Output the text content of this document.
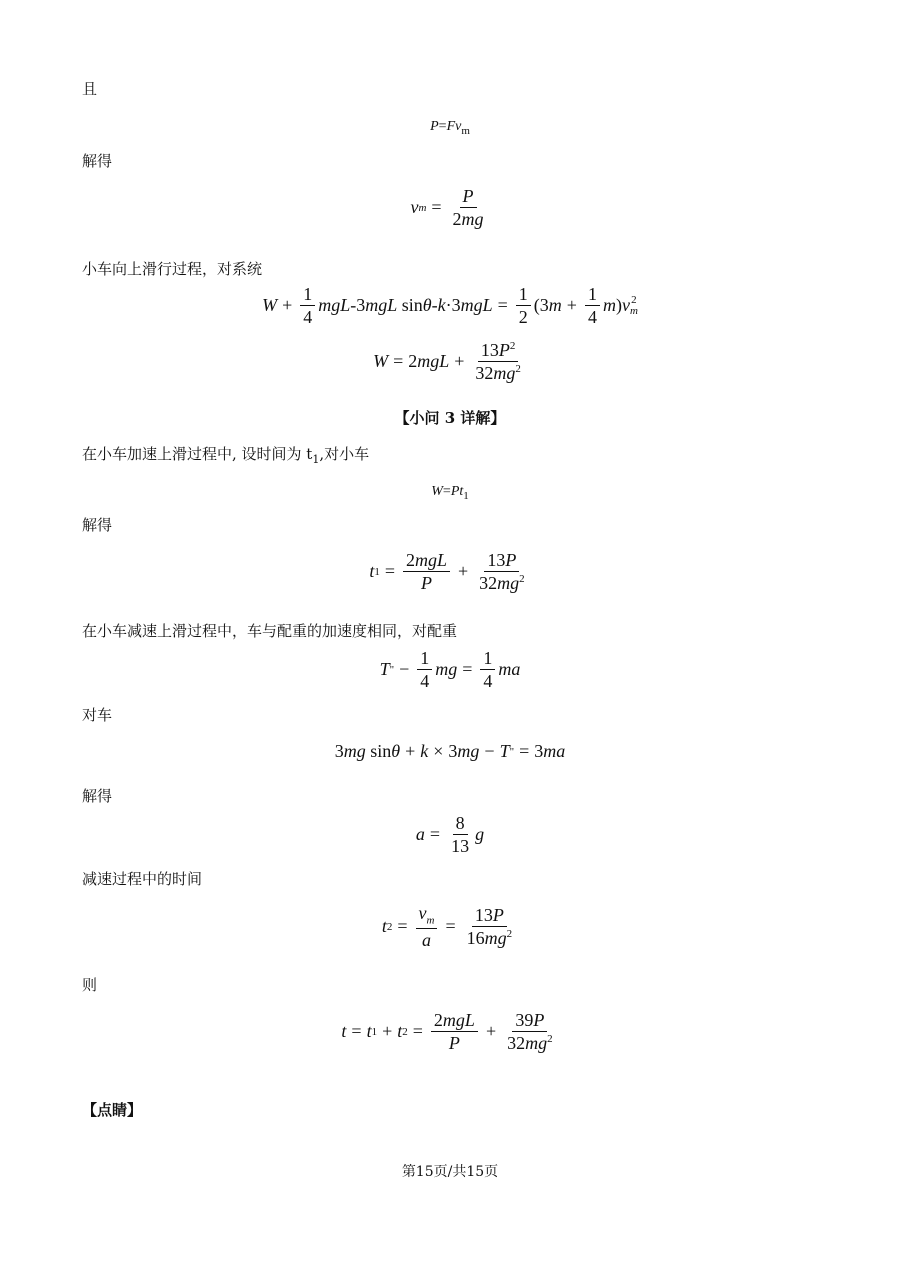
且
$P=Fv_m$
解得
v $m = \frac{P}{2mg}$
小车向上滑行过程，对系统
$W + \frac{1}{4}$ mgL -3 mgL sin θ - k ·3 mgL = $\frac{1}{2} (3$ $m + \frac{1}{4}$ m ) v 2
m
W = 2 mgL + $\frac{13P^2}{32mg^2}$
【小问 3 详解】
在小车加速上滑过程中, 设时间为 $t_1$,对小车
$W=Pt_1$
解得
t $1 = \frac{\text{2mgL}}{P} + \frac{13P}{32mg^2}$
在小车减速上滑过程中，车与配重的加速度相同，对配重
T " − $\frac{1}{4}$ mg = $\frac{1}{4}$ ma
对车
3 mg sin θ + k × 3 mg − T " = 3 ma
解得
$a = \frac{8}{13}$ g
减速过程中的时间
t $2 = \frac{v_m}{a} = \frac{13P}{16mg^2}$
则
t = t 1 + t $2 = \frac{\text{2mgL}}{P} + \frac{39P}{32mg^2}$
【点睛】
第15页/共15页
